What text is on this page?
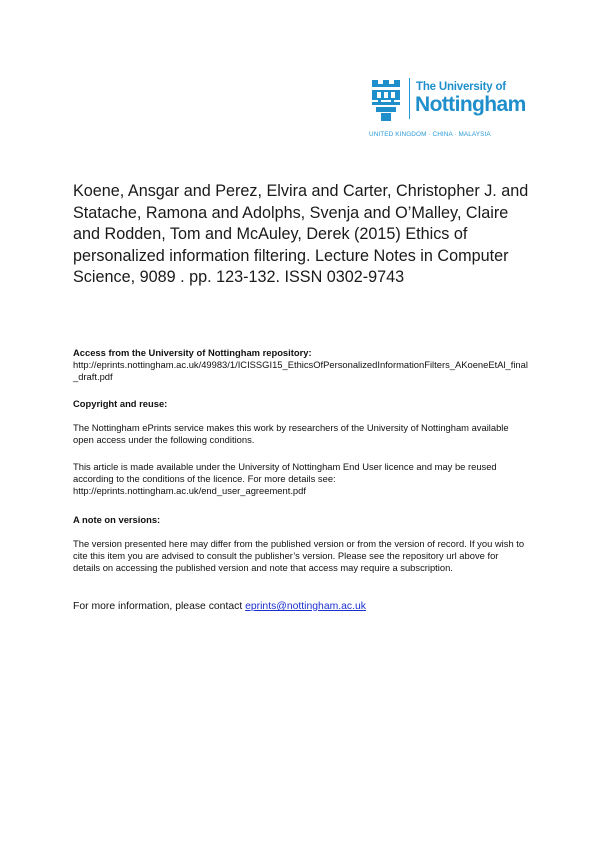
The University of
Nottingham
UNITED KINGDOM · CHINA · MALAYSIA
Koene, Ansgar and Perez, Elvira and Carter, Christopher J. and Statache, Ramona and Adolphs, Svenja and O’Malley, Claire and Rodden, Tom and McAuley, Derek (2015) Ethics of personalized information filtering. Lecture Notes in Computer Science, 9089 . pp. 123-132. ISSN 0302-9743
Access from the University of Nottingham repository:
http://eprints.nottingham.ac.uk/49983/1/ICISSGI15_EthicsOfPersonalizedInformationFilters_AKoeneEtAl_final_draft.pdf
Copyright and reuse:
The Nottingham ePrints service makes this work by researchers of the University of Nottingham available open access under the following conditions.
This article is made available under the University of Nottingham End User licence and may be reused according to the conditions of the licence. For more details see: http://eprints.nottingham.ac.uk/end_user_agreement.pdf
A note on versions:
The version presented here may differ from the published version or from the version of record. If you wish to cite this item you are advised to consult the publisher’s version. Please see the repository url above for details on accessing the published version and note that access may require a subscription.
For more information, please contact eprints@nottingham.ac.uk
